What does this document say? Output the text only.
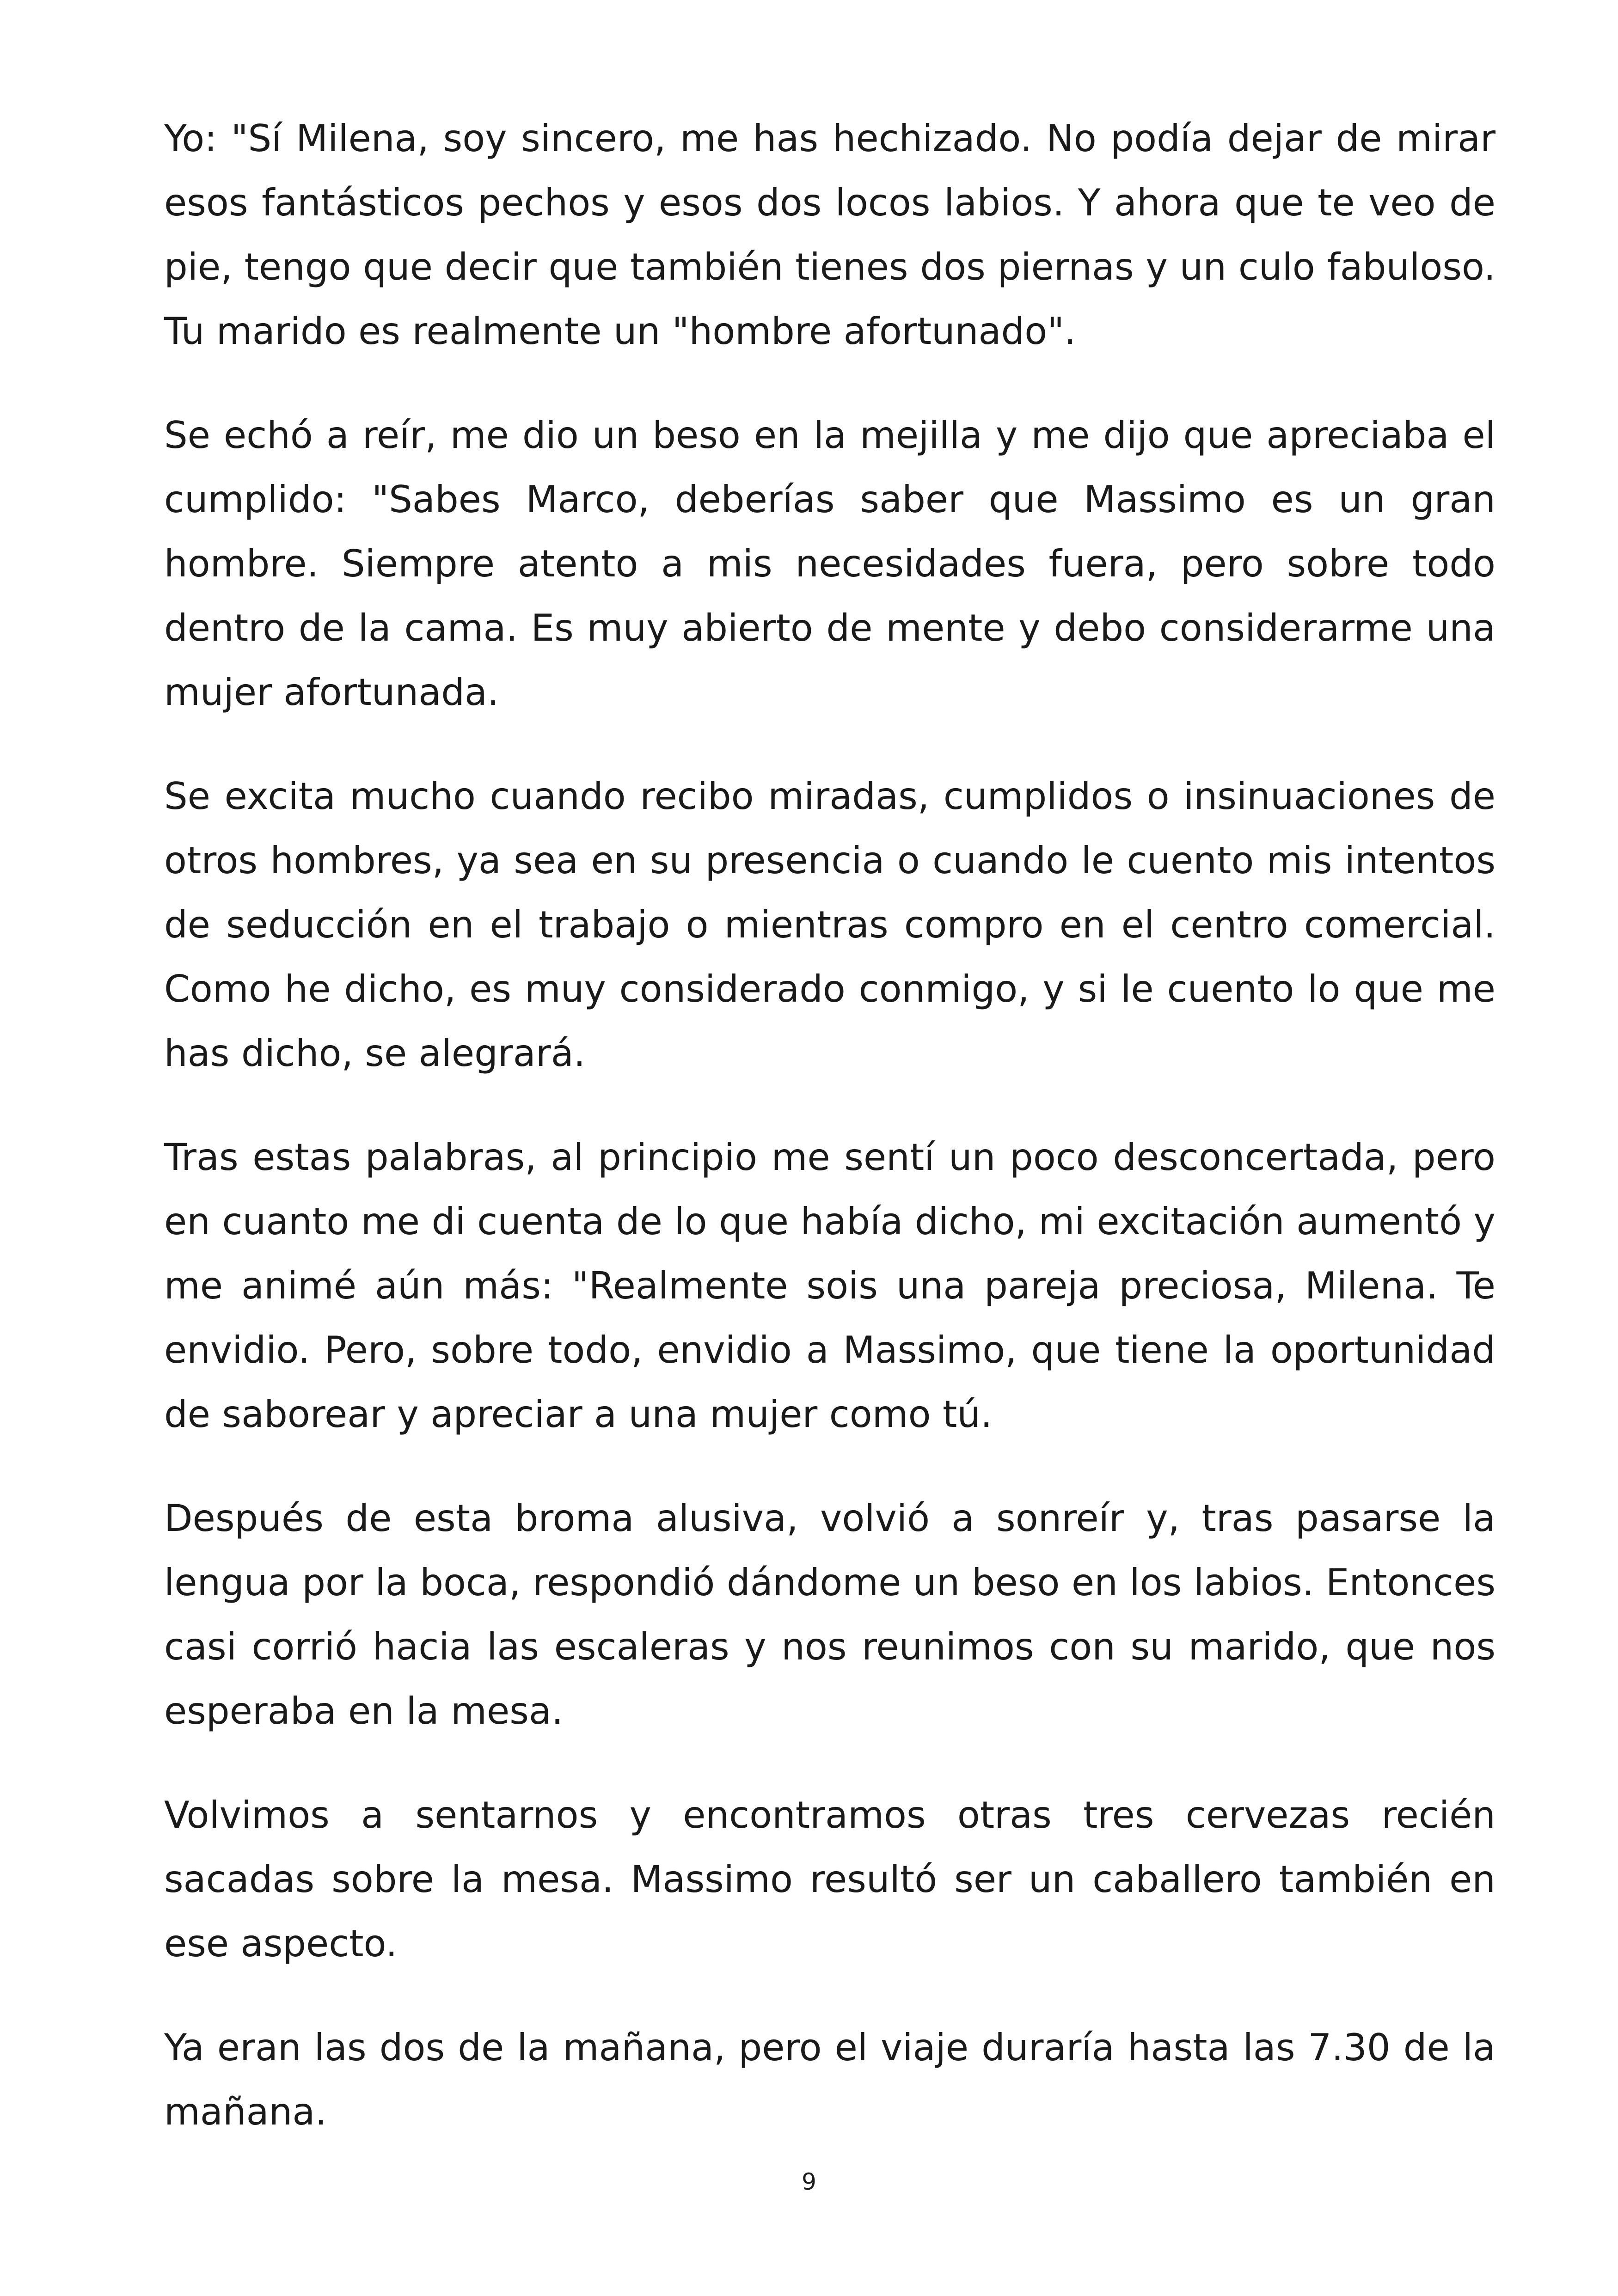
Yo: "Sí Milena, soy sincero, me has hechizado. No podía dejar de mirar esos fantásticos pechos y esos dos locos labios. Y ahora que te veo de pie, tengo que decir que también tienes dos piernas y un culo fabuloso. Tu marido es realmente un "hombre afortunado".

Se echó a reír, me dio un beso en la mejilla y me dijo que apreciaba el cumplido: "Sabes Marco, deberías saber que Massimo es un gran hombre. Siempre atento a mis necesidades fuera, pero sobre todo dentro de la cama. Es muy abierto de mente y debo considerarme una mujer afortunada.

Se excita mucho cuando recibo miradas, cumplidos o insinuaciones de otros hombres, ya sea en su presencia o cuando le cuento mis intentos de seducción en el trabajo o mientras compro en el centro comercial. Como he dicho, es muy considerado conmigo, y si le cuento lo que me has dicho, se alegrará.

Tras estas palabras, al principio me sentí un poco desconcertada, pero en cuanto me di cuenta de lo que había dicho, mi excitación aumentó y me animé aún más: "Realmente sois una pareja preciosa, Milena. Te envidio. Pero, sobre todo, envidio a Massimo, que tiene la oportunidad de saborear y apreciar a una mujer como tú.

Después de esta broma alusiva, volvió a sonreír y, tras pasarse la lengua por la boca, respondió dándome un beso en los labios. Entonces casi corrió hacia las escaleras y nos reunimos con su marido, que nos esperaba en la mesa.

Volvimos a sentarnos y encontramos otras tres cervezas recién sacadas sobre la mesa. Massimo resultó ser un caballero también en ese aspecto.

Ya eran las dos de la mañana, pero el viaje duraría hasta las 7.30 de la mañana.

9
